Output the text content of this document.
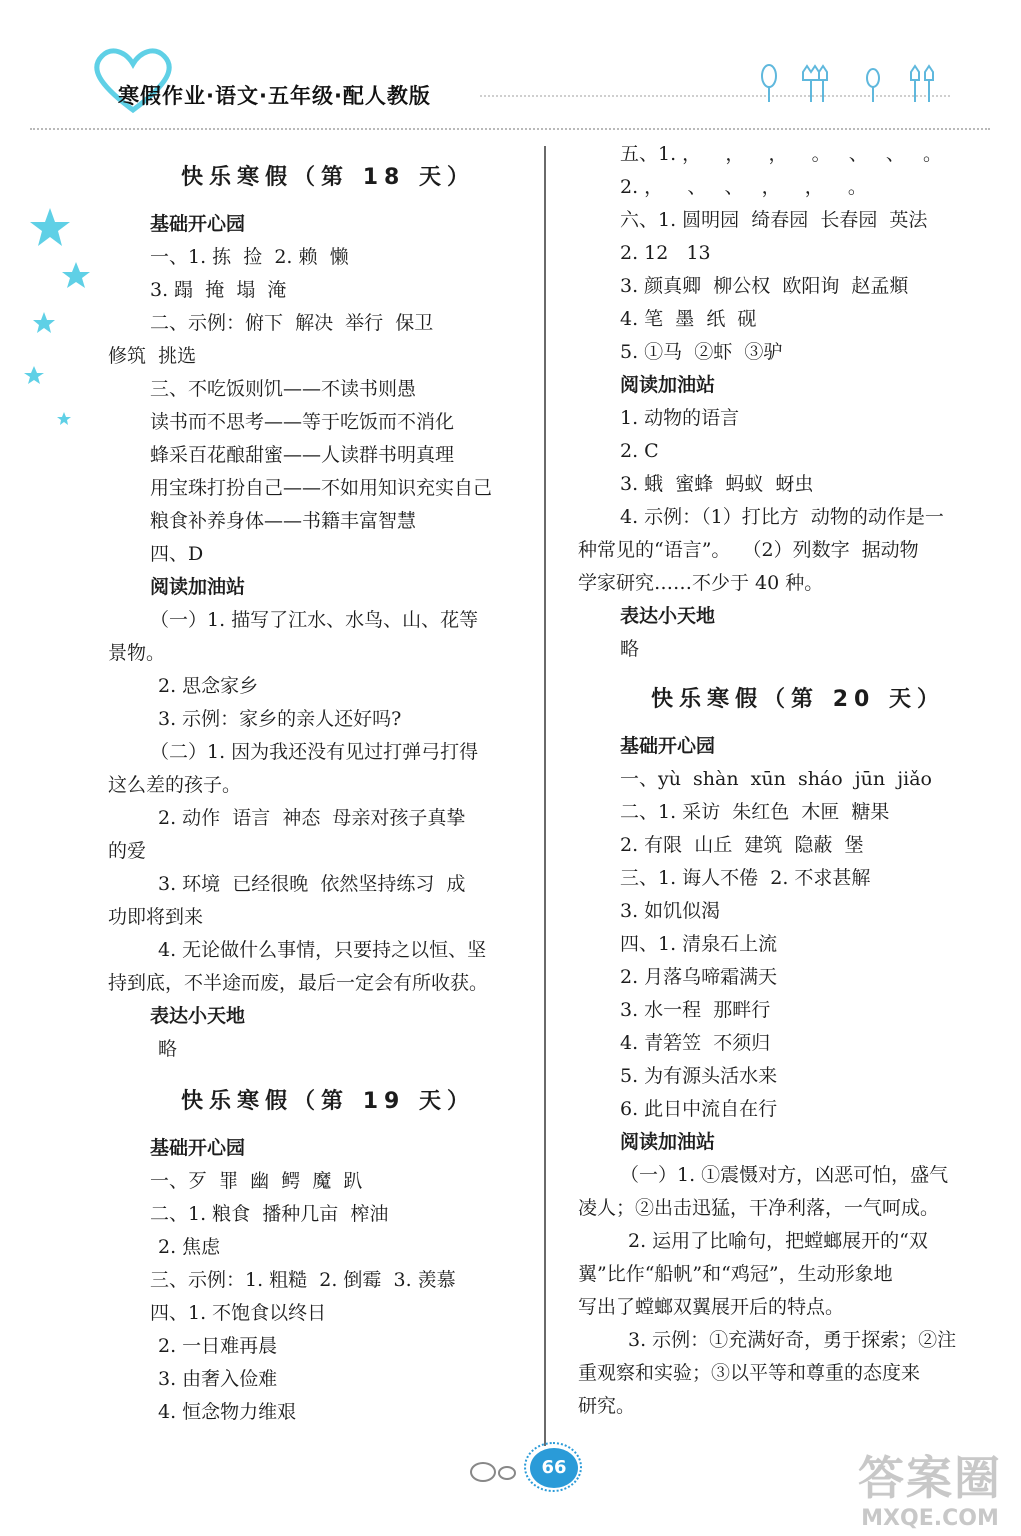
寒假作业·语文·五年级·配人教版
快乐寒假（第 18 天）
基础开心园
一、1. 拣  捡  2. 赖  懒
3. 蹋  掩  塌  淹
二、示例：俯下  解决  举行  保卫
修筑  挑选
三、不吃饭则饥——不读书则愚
读书而不思考——等于吃饭而不消化
蜂采百花酿甜蜜——人读群书明真理
用宝珠打扮自己——不如用知识充实自己
粮食补养身体——书籍丰富智慧
四、D
阅读加油站
（一）1. 描写了江水、水鸟、山、花等
景物。
2. 思念家乡
3. 示例：家乡的亲人还好吗?
（二）1. 因为我还没有见过打弹弓打得
这么差的孩子。
2. 动作  语言  神态  母亲对孩子真挚
的爱
3. 环境  已经很晚  依然坚持练习  成
功即将到来
4. 无论做什么事情，只要持之以恒、坚
持到底，不半途而废，最后一定会有所收获。
表达小天地
略
快乐寒假（第 19 天）
基础开心园
一、歹  罪  幽  鳄  魔  趴
二、1. 粮食  播种几亩  榨油
2. 焦虑
三、示例：1. 粗糙  2. 倒霉  3. 羡慕
四、1. 不饱食以终日
2. 一日难再晨
3. 由奢入俭难
4. 恒念物力维艰
五、1. ，    ，    ，    。   、   、   。
2. ，    、   、   ，    ，    。
六、1. 圆明园  绮春园  长春园  英法
2. 12   13
3. 颜真卿  柳公权  欧阳询  赵孟頫
4. 笔  墨  纸  砚
5. ①马  ②虾  ③驴
阅读加油站
1. 动物的语言
2. C
3. 蛾  蜜蜂  蚂蚁  蚜虫
4. 示例：（1）打比方  动物的动作是一
种常见的“语言”。  （2）列数字  据动物
学家研究……不少于 40 种。
表达小天地
略
快乐寒假（第 20 天）
基础开心园
一、yù  shàn  xūn  sháo  jūn  jiǎo
二、1. 采访  朱红色  木匣  糖果
2. 有限  山丘  建筑  隐蔽  堡
三、1. 诲人不倦  2. 不求甚解
3. 如饥似渴
四、1. 清泉石上流
2. 月落乌啼霜满天
3. 水一程  那畔行
4. 青箬笠  不须归
5. 为有源头活水来
6. 此日中流自在行
阅读加油站
（一）1. ①震慑对方，凶恶可怕，盛气
凌人；②出击迅猛，干净利落，一气呵成。
2. 运用了比喻句，把螳螂展开的“双
翼”比作“船帆”和“鸡冠”，生动形象地
写出了螳螂双翼展开后的特点。
3. 示例：①充满好奇，勇于探索；②注
重观察和实验；③以平等和尊重的态度来
研究。
66	答案圈
MXQE.COM
